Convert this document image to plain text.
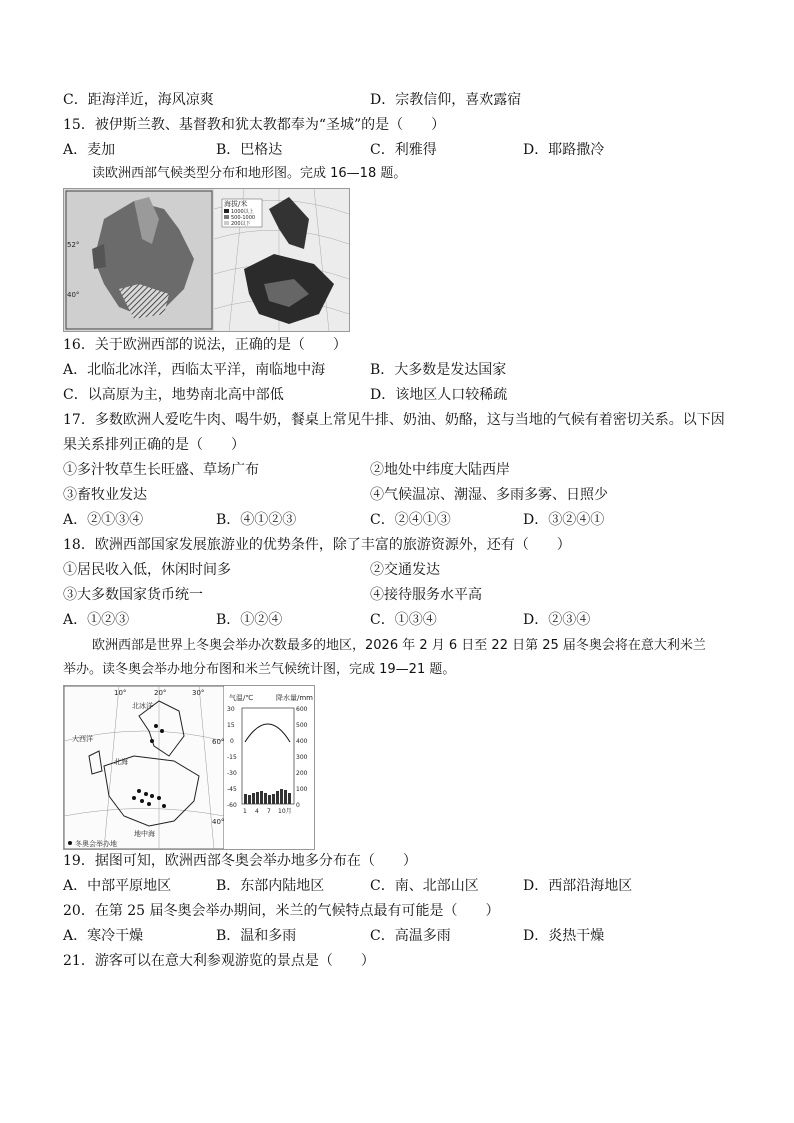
C．距海洋近，海风凉爽	D．宗教信仰，喜欢露宿
15．被伊斯兰教、基督教和犹太教都奉为“圣城”的是（　　）
A．麦加	B．巴格达	C．利雅得	D．耶路撒冷
读欧洲西部气候类型分布和地形图。完成 16—18 题。
52°
40°
海拔/米
1000以上
500-1000
200以下
16．关于欧洲西部的说法，正确的是（　　）
A．北临北冰洋，西临太平洋，南临地中海	B．大多数是发达国家
C．以高原为主，地势南北高中部低	D．该地区人口较稀疏
17．多数欧洲人爱吃牛肉、喝牛奶，餐桌上常见牛排、奶油、奶酪，这与当地的气候有着密切关系。以下因
果关系排列正确的是（　　）
①多汁牧草生长旺盛、草场广布	②地处中纬度大陆西岸
③畜牧业发达	④气候温凉、潮湿、多雨多雾、日照少
A．②①③④	B．④①②③	C．②④①③	D．③②④①
18．欧洲西部国家发展旅游业的优势条件，除了丰富的旅游资源外，还有（　　）
①居民收入低，休闲时间多	②交通发达
③大多数国家货币统一	④接待服务水平高
A．①②③	B．①②④	C．①③④	D．②③④
欧洲西部是世界上冬奥会举办次数最多的地区，2026 年 2 月 6 日至 22 日第 25 届冬奥会将在意大利米兰
举办。读冬奥会举办地分布图和米兰气候统计图，完成 19—21 题。
10°	20°	30°
60°
40°
北冰洋
大西洋
北海
地中海
冬奥会举办地
气温/℃	降水量/mm
30
15
0
-15
-30
-45
-60
600
500
400
300
200
100
0
1 4 7 10月
19．据图可知，欧洲西部冬奥会举办地多分布在（　　）
A．中部平原地区	B．东部内陆地区	C．南、北部山区	D．西部沿海地区
20．在第 25 届冬奥会举办期间，米兰的气候特点最有可能是（　　）
A．寒冷干燥	B．温和多雨	C．高温多雨	D．炎热干燥
21．游客可以在意大利参观游览的景点是（　　）
